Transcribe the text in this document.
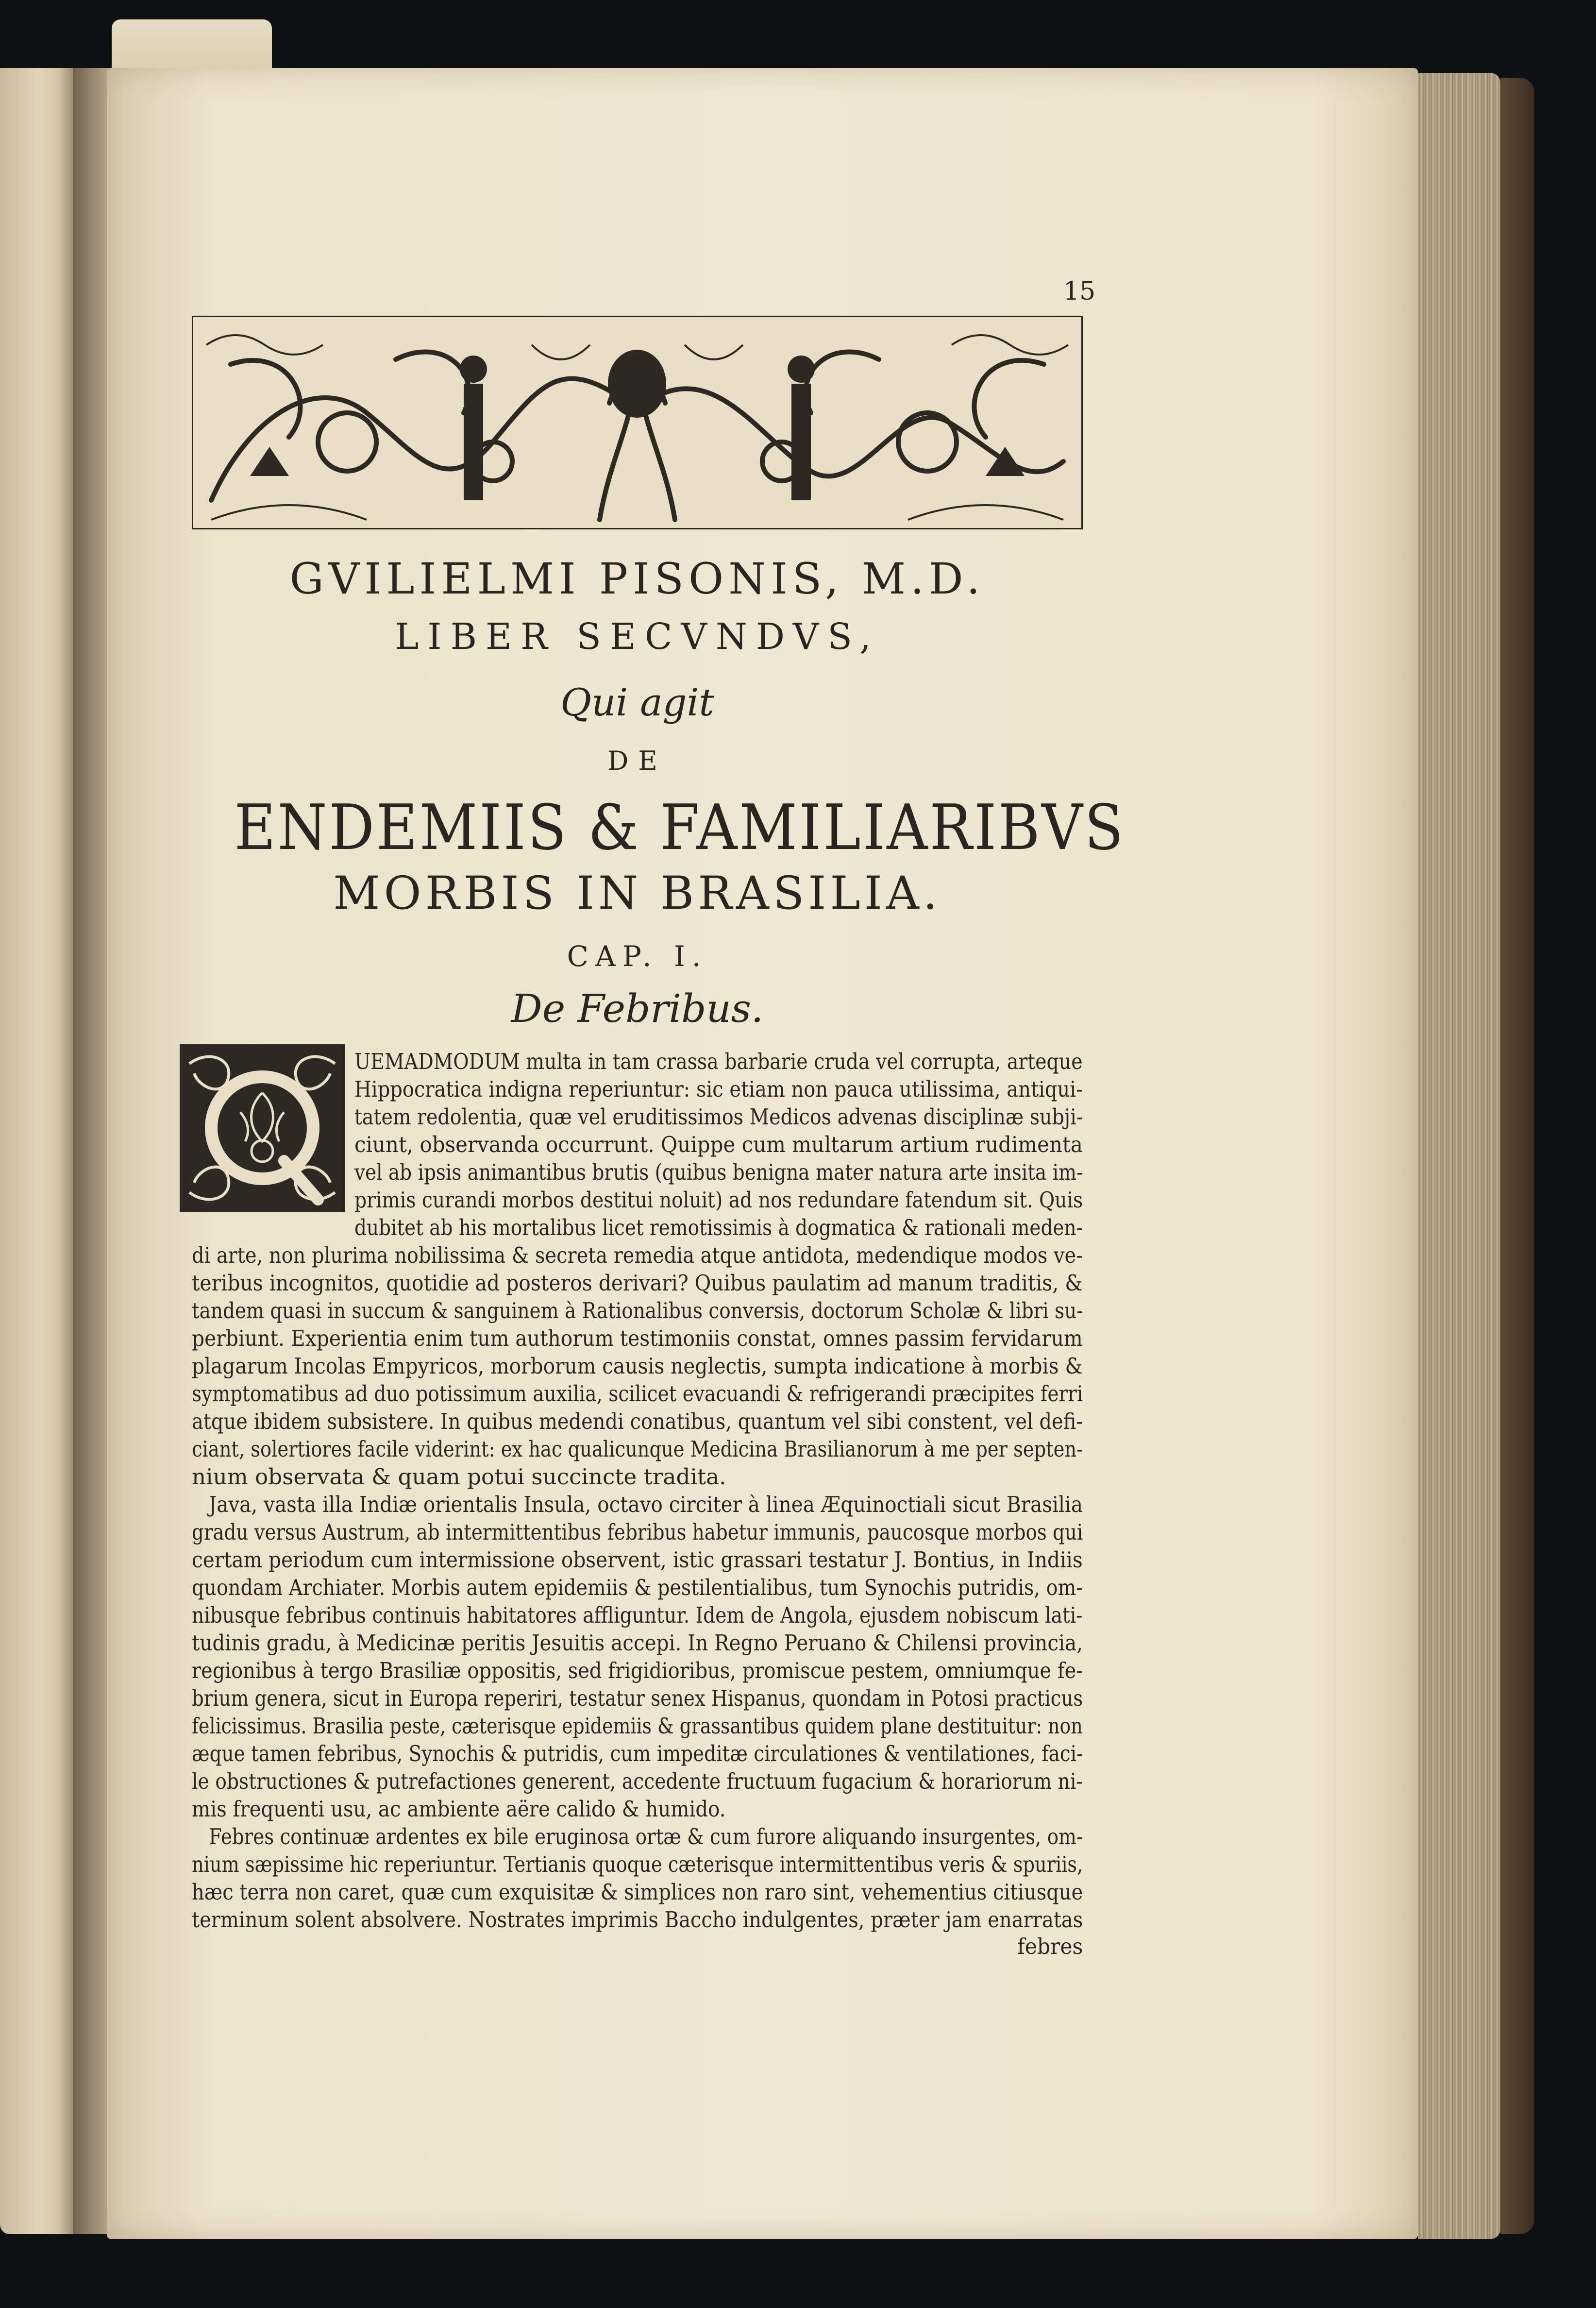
15
GVILIELMI PISONIS, M.D.
LIBER SECVNDVS,
Qui agit
DE
ENDEMIIS & FAMILIARIBVS
MORBIS IN BRASILIA.
CAP. I.
De Febribus.
UEMADMODUM multa in tam crassa barbarie cruda vel corrupta, arteque
Hippocratica indigna reperiuntur: sic etiam non pauca utilissima, antiqui-
tatem redolentia, quæ vel eruditissimos Medicos advenas disciplinæ subji-
ciunt, observanda occurrunt. Quippe cum multarum artium rudimenta
vel ab ipsis animantibus brutis (quibus benigna mater natura arte insita im-
primis curandi morbos destitui noluit) ad nos redundare fatendum sit. Quis
dubitet ab his mortalibus licet remotissimis à dogmatica & rationali meden-
di arte, non plurima nobilissima & secreta remedia atque antidota, medendique modos ve-
teribus incognitos, quotidie ad posteros derivari? Quibus paulatim ad manum traditis, &
tandem quasi in succum & sanguinem à Rationalibus conversis, doctorum Scholæ & libri su-
perbiunt. Experientia enim tum authorum testimoniis constat, omnes passim fervidarum
plagarum Incolas Empyricos, morborum causis neglectis, sumpta indicatione à morbis &
symptomatibus ad duo potissimum auxilia, scilicet evacuandi & refrigerandi præcipites ferri
atque ibidem subsistere. In quibus medendi conatibus, quantum vel sibi constent, vel defi-
ciant, solertiores facile viderint: ex hac qualicunque Medicina Brasilianorum à me per septen-
nium observata & quam potui succincte tradita.
Java, vasta illa Indiæ orientalis Insula, octavo circiter à linea Æquinoctiali sicut Brasilia
gradu versus Austrum, ab intermittentibus febribus habetur immunis, paucosque morbos qui
certam periodum cum intermissione observent, istic grassari testatur J. Bontius, in Indiis
quondam Archiater. Morbis autem epidemiis & pestilentialibus, tum Synochis putridis, om-
nibusque febribus continuis habitatores affliguntur. Idem de Angola, ejusdem nobiscum lati-
tudinis gradu, à Medicinæ peritis Jesuitis accepi. In Regno Peruano & Chilensi provincia,
regionibus à tergo Brasiliæ oppositis, sed frigidioribus, promiscue pestem, omniumque fe-
brium genera, sicut in Europa reperiri, testatur senex Hispanus, quondam in Potosi practicus
felicissimus. Brasilia peste, cæterisque epidemiis & grassantibus quidem plane destituitur: non
æque tamen febribus, Synochis & putridis, cum impeditæ circulationes & ventilationes, faci-
le obstructiones & putrefactiones generent, accedente fructuum fugacium & horariorum ni-
mis frequenti usu, ac ambiente aëre calido & humido.
Febres continuæ ardentes ex bile eruginosa ortæ & cum furore aliquando insurgentes, om-
nium sæpissime hic reperiuntur. Tertianis quoque cæterisque intermittentibus veris & spuriis,
hæc terra non caret, quæ cum exquisitæ & simplices non raro sint, vehementius citiusque
terminum solent absolvere. Nostrates imprimis Baccho indulgentes, præter jam enarratas
febres
